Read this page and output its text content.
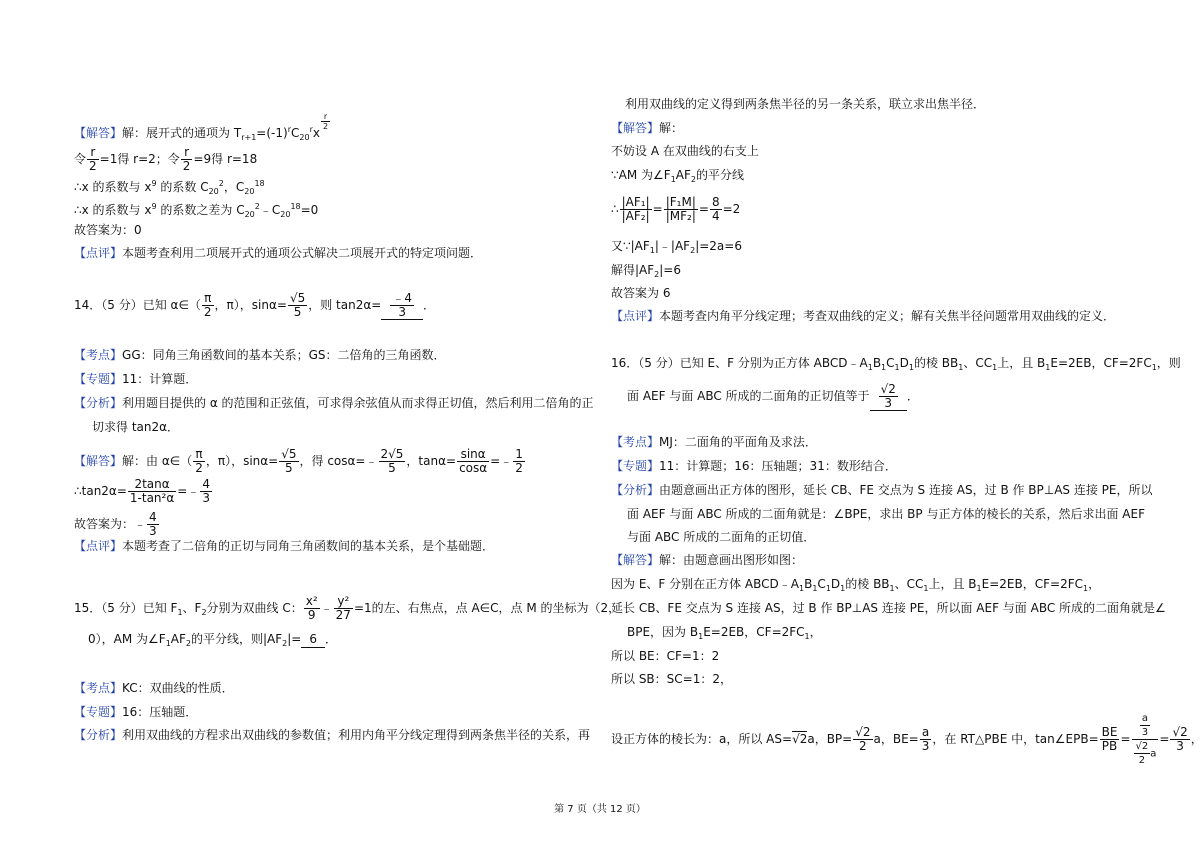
【解答】解：展开式的通项为 $T_{r+1}=(-1)^rC_{20}^rx$
$\frac{r}{2}$
令 $\frac{r}{2} =1$得 r=2；令 $\frac{r}{2} =9$得 r=18
∴x 的系数与 $x^9$ 的系数 $C_{20}^2$，$C_{20}^{18}$
∴x 的系数与 $x^9$ 的系数之差为 $C_{20}^2﹣C_{20}^{18}=0$
故答案为：0
【点评】本题考查利用二项展开式的通项公式解决二项展开式的特定项问题．
14．（5 分）已知 α∈（ $\frac{\pi}{2}$ ，π），$\sin\alpha= \frac{√5}{5}$ ，则 $\tan 2\alpha= \frac{﹣4}{3}$ ．
【考点】GG：同角三角函数间的基本关系；GS：二倍角的三角函数．
【专题】11：计算题．
【分析】利用题目提供的 α 的范围和正弦值，可求得余弦值从而求得正切值，然后利用二倍角的正
切求得 tan2α．
【解答】解：由 α∈（ $\frac{\pi}{2}$ ，π），$\sin\alpha= \frac{√5}{5}$ ，得 cosα=﹣ $\frac{2√5}{5}$ ，$\tan\alpha= \frac{\sin\alpha}{\cos\alpha}$ =﹣ $\frac{1}{2}$
∴tan2α= $\frac{2\tan\alpha}{\text{1-tan²α}}$ =﹣ $\frac{4}{3}$
故答案为：﹣ $\frac{4}{3}$
【点评】本题考查了二倍角的正切与同角三角函数间的基本关系，是个基础题．
15．（5 分）已知 $F_1$、$F_2$分别为双曲线 C： $\frac{\text{x²}}{9}$ ﹣ $\frac{\text{y²}}{27} =1$的左、右焦点，点 A∈C，点 M 的坐标为（2，
0），AM 为$\angle F_1AF_2$的平分线，则$|AF_2|= 6$ ．
【考点】KC：双曲线的性质．
【专题】16：压轴题．
【分析】利用双曲线的方程求出双曲线的参数值；利用内角平分线定理得到两条焦半径的关系，再
利用双曲线的定义得到两条焦半径的另一条关系，联立求出焦半径．
【解答】解：
不妨设 A 在双曲线的右支上
∵AM 为$\angle F_1AF_2$的平分线
∴ $\frac{\text{|AF₁|}}{\text{|AF₂|}} = \frac{\text{|F₁M|}}{\text{|MF₂|}} = \frac{8}{4} =2$
又$\because|AF_1|﹣|AF_2|=2a=6$
解得$|AF_2|=6$
故答案为 6
【点评】本题考查内角平分线定理；考查双曲线的定义；解有关焦半径问题常用双曲线的定义．
16．（5 分）已知 E、F 分别为正方体 $ABCD﹣A_1B_1C_1D_1$的棱 $BB_1$、$CC_1$上，且 $B_1E=2EB$，$CF=2FC_1$，则
面 AEF 与面 ABC 所成的二面角的正切值等于 $\frac{√2}{3}$ ．
【考点】MJ：二面角的平面角及求法．
【专题】11：计算题；16：压轴题；31：数形结合．
【分析】由题意画出正方体的图形，延长 CB、FE 交点为 S 连接 AS，过 B 作 BP⊥AS 连接 PE，所以
面 AEF 与面 ABC 所成的二面角就是：∠BPE，求出 BP 与正方体的棱长的关系，然后求出面 AEF
与面 ABC 所成的二面角的正切值．
【解答】解：由题意画出图形如图：
因为 E、F 分别在正方体 $ABCD﹣A_1B_1C_1D_1$的棱 $BB_1$、$CC_1$上，且 $B_1E=2EB$，$CF=2FC_1$，
延长 CB、FE 交点为 S 连接 AS，过 B 作 BP⊥AS 连接 PE，所以面 AEF 与面 ABC 所成的二面角就是∠
BPE，因为 $B_1E=2EB$，$CF=2FC_1$，
所以 BE：CF=1：2
所以 SB：SC=1：2，
设正方体的棱长为：a，所以 AS=√2a，$BP= \frac{√2}{2}$ a，$BE= \frac{a}{3}$ ，在 RT△PBE 中，tan∠EPB= $\frac{BE}{PB} = \frac{\frac{a}{3}}{\frac{√2}{2} a} = \frac{√2}{3}$ ，
第 7 页（共 12 页）
